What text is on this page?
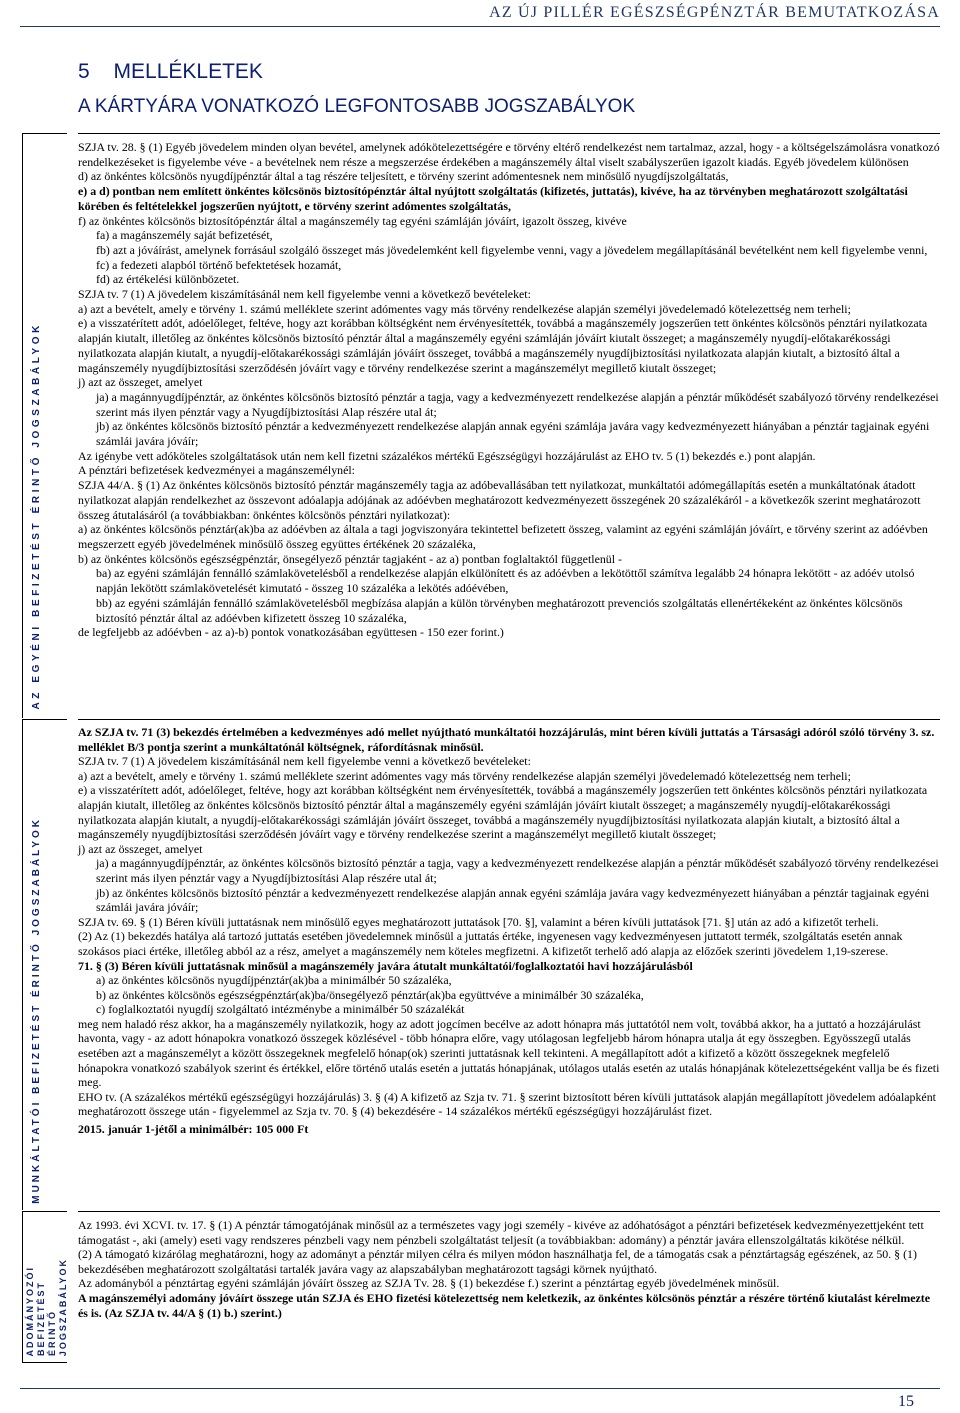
AZ ÚJ PILLÉR EGÉSZSÉGPÉNZTÁR BEMUTATKOZÁSA
5 MELLÉKLETEK
A KÁRTYÁRA VONATKOZÓ LEGFONTOSABB JOGSZABÁLYOK
AZ EGYÉNI BEFIZETÉST ÉRINTŐ JOGSZABÁLYOK
MUNKÁLTATÓI BEFIZETÉST ÉRINTŐ JOGSZABÁLYOK
ADOMÁNYOZÓI BEFIZETÉST ÉRINTŐ JOGSZABÁLYOK

SZJA tv. 28. § (1) Egyéb jövedelem minden olyan bevétel, amelynek adókötelezettségére e törvény eltérő rendelkezést nem tartalmaz, azzal, hogy - a költségelszámolásra vonatkozó rendelkezéseket is figyelembe véve - a bevételnek nem része a megszerzése érdekében a magánszemély által viselt szabályszerűen igazolt kiadás. Egyéb jövedelem különösen

d) az önkéntes kölcsönös nyugdíjpénztár által a tag részére teljesített, e törvény szerint adómentesnek nem minősülő nyugdíjszolgáltatás,

e) a d) pontban nem említett önkéntes kölcsönös biztosítópénztár által nyújtott szolgáltatás (kifizetés, juttatás), kivéve, ha az törvényben meghatározott szolgáltatási körében és feltételekkel jogszerűen nyújtott, e törvény szerint adómentes szolgáltatás,

f) az önkéntes kölcsönös biztosítópénztár által a magánszemély tag egyéni számláján jóváírt, igazolt összeg, kivéve

fa) a magánszemély saját befizetését,

fb) azt a jóváírást, amelynek forrásául szolgáló összeget más jövedelemként kell figyelembe venni, vagy a jövedelem megállapításánál bevételként nem kell figyelembe venni,

fc) a fedezeti alapból történő befektetések hozamát,

fd) az értékelési különbözetet.

SZJA tv. 7 (1) A jövedelem kiszámításánál nem kell figyelembe venni a következő bevételeket:

a) azt a bevételt, amely e törvény 1. számú melléklete szerint adómentes vagy más törvény rendelkezése alapján személyi jövedelemadó kötelezettség nem terheli;

e) a visszatérített adót, adóelőleget, feltéve, hogy azt korábban költségként nem érvényesítették, továbbá a magánszemély jogszerűen tett önkéntes kölcsönös pénztári nyilatkozata alapján kiutalt, illetőleg az önkéntes kölcsönös biztosító pénztár által a magánszemély egyéni számláján jóváírt kiutalt összeget; a magánszemély nyugdíj-előtakarékossági nyilatkozata alapján kiutalt, a nyugdíj-előtakarékossági számláján jóváírt összeget, továbbá a magánszemély nyugdíjbiztosítási nyilatkozata alapján kiutalt, a biztosító által a magánszemély nyugdíjbiztosítási szerződésén jóváírt vagy e törvény rendelkezése szerint a magánszemélyt megillető kiutalt összeget;

j) azt az összeget, amelyet

ja) a magánnyugdíjpénztár, az önkéntes kölcsönös biztosító pénztár a tagja, vagy a kedvezményezett rendelkezése alapján a pénztár működését szabályozó törvény rendelkezései szerint más ilyen pénztár vagy a Nyugdíjbiztosítási Alap részére utal át;

jb) az önkéntes kölcsönös biztosító pénztár a kedvezményezett rendelkezése alapján annak egyéni számlája javára vagy kedvezményezett hiányában a pénztár tagjainak egyéni számlái javára jóváír;

Az igénybe vett adóköteles szolgáltatások után nem kell fizetni százalékos mértékű Egészségügyi hozzájárulást az EHO tv. 5 (1) bekezdés e.) pont alapján.

A pénztári befizetések kedvezményei a magánszemélynél:

SZJA 44/A. § (1) Az önkéntes kölcsönös biztosító pénztár magánszemély tagja az adóbevallásában tett nyilatkozat, munkáltatói adómegállapítás esetén a munkáltatónak átadott nyilatkozat alapján rendelkezhet az összevont adóalapja adójának az adóévben meghatározott kedvezményezett összegének 20 százalékáról - a következők szerint meghatározott összeg átutalásáról (a továbbiakban: önkéntes kölcsönös pénztári nyilatkozat):

a) az önkéntes kölcsönös pénztár(ak)ba az adóévben az általa a tagi jogviszonyára tekintettel befizetett összeg, valamint az egyéni számláján jóváírt, e törvény szerint az adóévben megszerzett egyéb jövedelmének minősülő összeg együttes értékének 20 százaléka,

b) az önkéntes kölcsönös egészségpénztár, önsegélyező pénztár tagjaként - az a) pontban foglaltaktól függetlenül -

ba) az egyéni számláján fennálló számlakövetelésből a rendelkezése alapján elkülönített és az adóévben a lekötöttől számítva legalább 24 hónapra lekötött - az adóév utolsó napján lekötött számlakövetelését kimutató - összeg 10 százaléka a lekötés adóévében,

bb) az egyéni számláján fennálló számlakövetelésből megbízása alapján a külön törvényben meghatározott prevenciós szolgáltatás ellenértékeként az önkéntes kölcsönös biztosító pénztár által az adóévben kifizetett összeg 10 százaléka,

de legfeljebb az adóévben - az a)-b) pontok vonatkozásában együttesen - 150 ezer forint.)

Az SZJA tv. 71 (3) bekezdés értelmében a kedvezményes adó mellet nyújtható munkáltatói hozzájárulás, mint béren kívüli juttatás a Társasági adóról szóló törvény 3. sz. melléklet B/3 pontja szerint a munkáltatónál költségnek, ráfordításnak minősül.

SZJA tv. 7 (1) A jövedelem kiszámításánál nem kell figyelembe venni a következő bevételeket:

a) azt a bevételt, amely e törvény 1. számú melléklete szerint adómentes vagy más törvény rendelkezése alapján személyi jövedelemadó kötelezettség nem terheli;

e) a visszatérített adót, adóelőleget, feltéve, hogy azt korábban költségként nem érvényesítették, továbbá a magánszemély jogszerűen tett önkéntes kölcsönös pénztári nyilatkozata alapján kiutalt, illetőleg az önkéntes kölcsönös biztosító pénztár által a magánszemély egyéni számláján jóváírt kiutalt összeget; a magánszemély nyugdíj-előtakarékossági nyilatkozata alapján kiutalt, a nyugdíj-előtakarékossági számláján jóváírt összeget, továbbá a magánszemély nyugdíjbiztosítási nyilatkozata alapján kiutalt, a biztosító által a magánszemély nyugdíjbiztosítási szerződésén jóváírt vagy e törvény rendelkezése szerint a magánszemélyt megillető kiutalt összeget;

j) azt az összeget, amelyet

ja) a magánnyugdíjpénztár, az önkéntes kölcsönös biztosító pénztár a tagja, vagy a kedvezményezett rendelkezése alapján a pénztár működését szabályozó törvény rendelkezései szerint más ilyen pénztár vagy a Nyugdíjbiztosítási Alap részére utal át;

jb) az önkéntes kölcsönös biztosító pénztár a kedvezményezett rendelkezése alapján annak egyéni számlája javára vagy kedvezményezett hiányában a pénztár tagjainak egyéni számlái javára jóváír;

SZJA tv. 69. § (1) Béren kívüli juttatásnak nem minősülő egyes meghatározott juttatások [70. §], valamint a béren kívüli juttatások [71. §] után az adó a kifizetőt terheli.

(2) Az (1) bekezdés hatálya alá tartozó juttatás esetében jövedelemnek minősül a juttatás értéke, ingyenesen vagy kedvezményesen juttatott termék, szolgáltatás esetén annak szokásos piaci értéke, illetőleg abból az a rész, amelyet a magánszemély nem köteles megfizetni. A kifizetőt terhelő adó alapja az előzőek szerinti jövedelem 1,19-szerese.

71. § (3) Béren kívüli juttatásnak minősül a magánszemély javára átutalt munkáltatói/foglalkoztatói havi hozzájárulásból

a) az önkéntes kölcsönös nyugdíjpénztár(ak)ba a minimálbér 50 százaléka,

b) az önkéntes kölcsönös egészségpénztár(ak)ba/önsegélyező pénztár(ak)ba együttvéve a minimálbér 30 százaléka,

c) foglalkoztatói nyugdíj szolgáltató intézménybe a minimálbér 50 százalékát

meg nem haladó rész akkor, ha a magánszemély nyilatkozik, hogy az adott jogcímen becélve az adott hónapra más juttatótól nem volt, továbbá akkor, ha a juttató a hozzájárulást havonta, vagy - az adott hónapokra vonatkozó összegek közlésével - több hónapra előre, vagy utólagosan legfeljebb három hónapra utalja át egy összegben. Egyösszegű utalás esetében azt a magánszemélyt a között összegeknek megfelelő hónap(ok) szerinti juttatásnak kell tekinteni. A megállapított adót a kifizető a között összegeknek megfelelő hónapokra vonatkozó szabályok szerint és értékkel, előre történő utalás esetén a juttatás hónapjának, utólagos utalás esetén az utalás hónapjának kötelezettségeként vallja be és fizeti meg.

EHO tv. (A százalékos mértékű egészségügyi hozzájárulás) 3. § (4) A kifizető az Szja tv. 71. § szerint biztosított béren kívüli juttatások alapján megállapított jövedelem adóalapként meghatározott összege után - figyelemmel az Szja tv. 70. § (4) bekezdésére - 14 százalékos mértékű egészségügyi hozzájárulást fizet.

2015. január 1-jétől a minimálbér: 105 000 Ft

Az 1993. évi XCVI. tv. 17. § (1) A pénztár támogatójának minősül az a természetes vagy jogi személy - kivéve az adóhatóságot a pénztári befizetések kedvezményezettjeként tett támogatást -, aki (amely) eseti vagy rendszeres pénzbeli vagy nem pénzbeli szolgáltatást teljesít (a továbbiakban: adomány) a pénztár javára ellenszolgáltatás kikötése nélkül.

(2) A támogató kizárólag meghatározni, hogy az adományt a pénztár milyen célra és milyen módon használhatja fel, de a támogatás csak a pénztártagság egészének, az 50. § (1) bekezdésében meghatározott szolgáltatási tartalék javára vagy az alapszabályban meghatározott tagsági körnek nyújtható.

Az adományból a pénztártag egyéni számláján jóváírt összeg az SZJA Tv. 28. § (1) bekezdése f.) szerint a pénztártag egyéb jövedelmének minősül.

A magánszemélyi adomány jóváírt összege után SZJA és EHO fizetési kötelezettség nem keletkezik, az önkéntes kölcsönös pénztár a részére történő kiutalást kérelmezte és is. (Az SZJA tv. 44/A § (1) b.) szerint.)

15
